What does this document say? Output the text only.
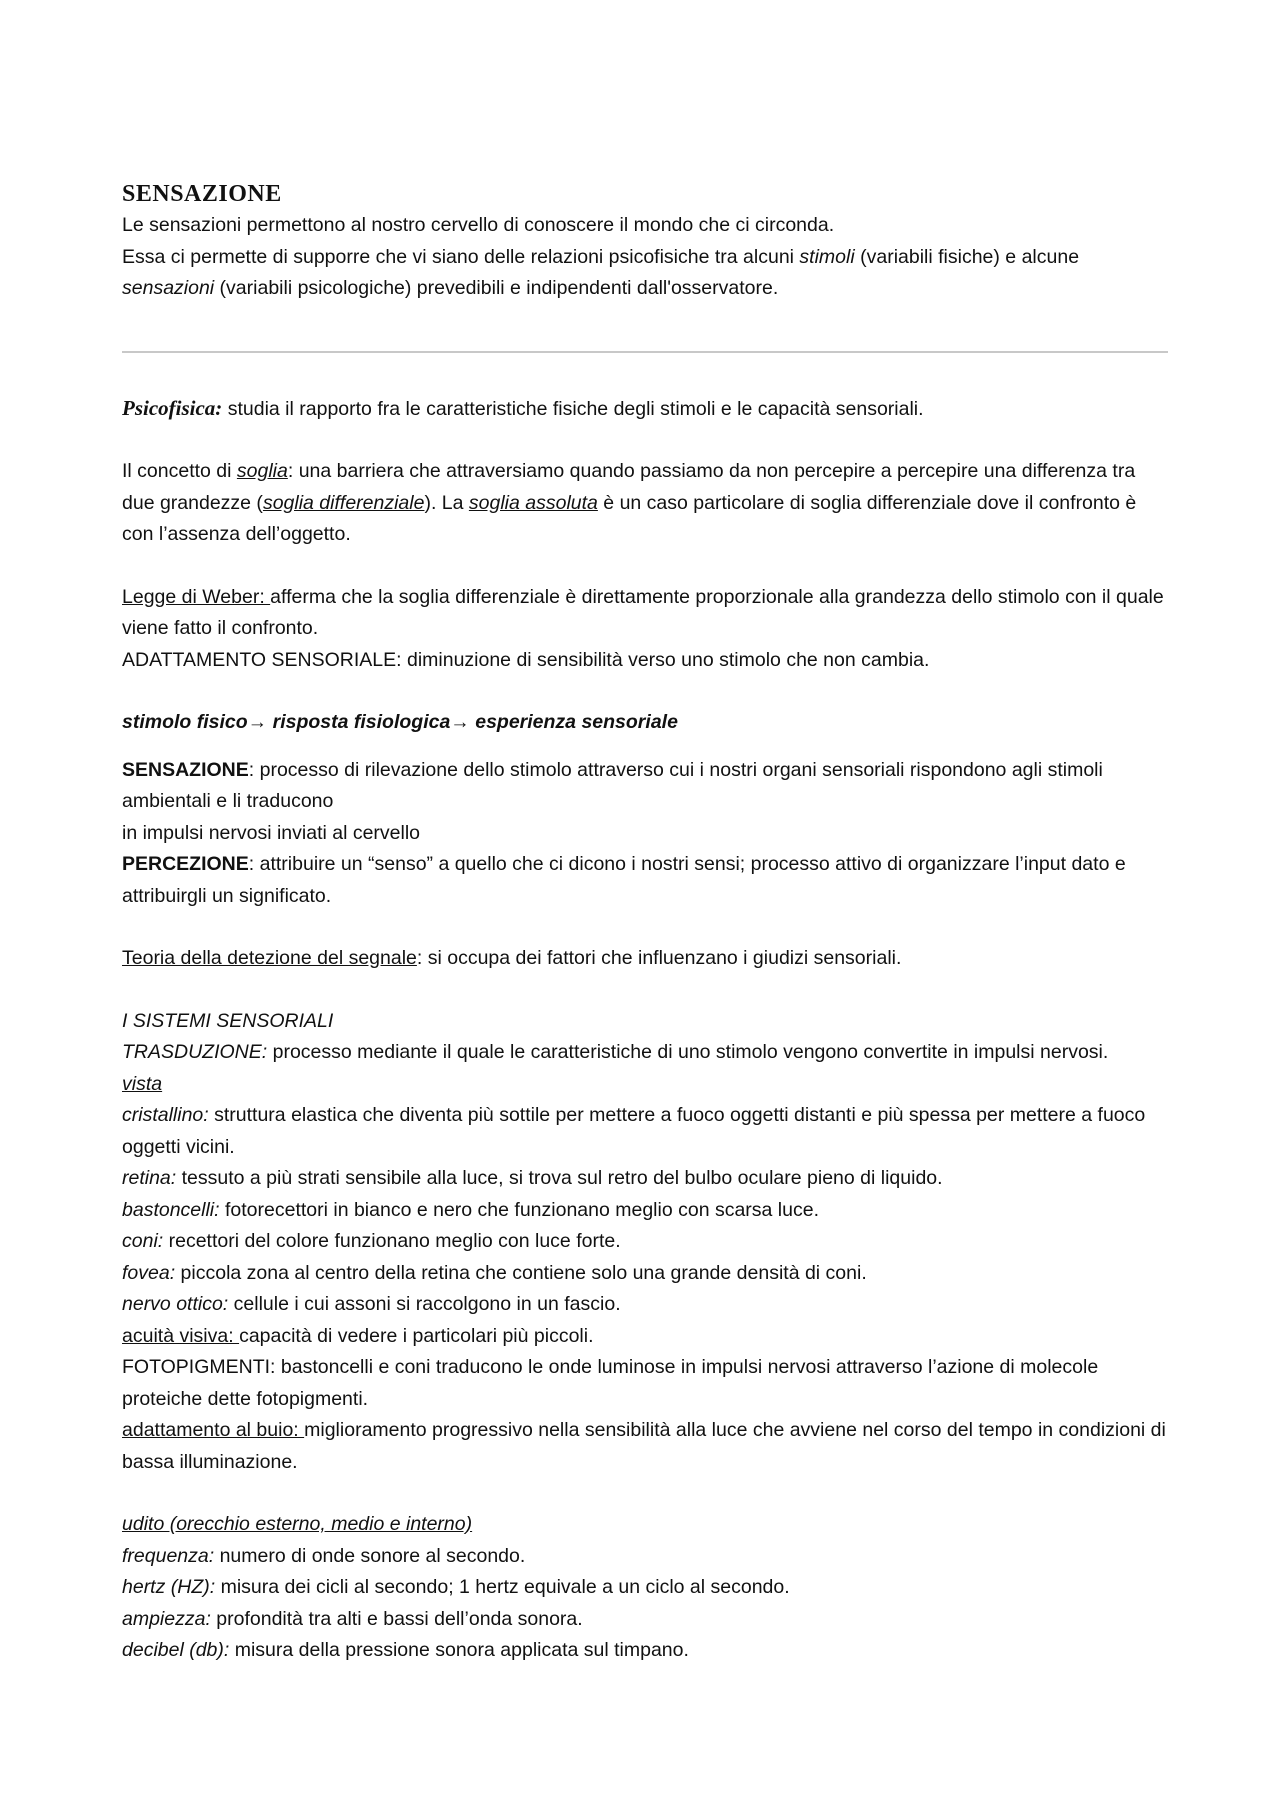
SENSAZIONE

Le sensazioni permettono al nostro cervello di conoscere il mondo che ci circonda.

Essa ci permette di supporre che vi siano delle relazioni psicofisiche tra alcuni stimoli (variabili fisiche) e alcune sensazioni (variabili psicologiche) prevedibili e indipendenti dall'osservatore.

Psicofisica: studia il rapporto fra le caratteristiche fisiche degli stimoli e le capacità sensoriali.

Il concetto di soglia: una barriera che attraversiamo quando passiamo da non percepire a percepire una differenza tra due grandezze (soglia differenziale). La soglia assoluta è un caso particolare di soglia differenziale dove il confronto è con l’assenza dell’oggetto.

Legge di Weber: afferma che la soglia differenziale è direttamente proporzionale alla grandezza dello stimolo con il quale viene fatto il confronto.

ADATTAMENTO SENSORIALE: diminuzione di sensibilità verso uno stimolo che non cambia.

stimolo fisico→ risposta fisiologica→ esperienza sensoriale

SENSAZIONE: processo di rilevazione dello stimolo attraverso cui i nostri organi sensoriali rispondono agli stimoli ambientali e li traducono

in impulsi nervosi inviati al cervello

PERCEZIONE: attribuire un “senso” a quello che ci dicono i nostri sensi; processo attivo di organizzare l’input dato e attribuirgli un significato.

Teoria della detezione del segnale: si occupa dei fattori che influenzano i giudizi sensoriali.

I SISTEMI SENSORIALI

TRASDUZIONE: processo mediante il quale le caratteristiche di uno stimolo vengono convertite in impulsi nervosi.

vista

cristallino: struttura elastica che diventa più sottile per mettere a fuoco oggetti distanti e più spessa per mettere a fuoco oggetti vicini.

retina: tessuto a più strati sensibile alla luce, si trova sul retro del bulbo oculare pieno di liquido.

bastoncelli: fotorecettori in bianco e nero che funzionano meglio con scarsa luce.

coni: recettori del colore funzionano meglio con luce forte.

fovea: piccola zona al centro della retina che contiene solo una grande densità di coni.

nervo ottico: cellule i cui assoni si raccolgono in un fascio.

acuità visiva: capacità di vedere i particolari più piccoli.

FOTOPIGMENTI: bastoncelli e coni traducono le onde luminose in impulsi nervosi attraverso l’azione di molecole proteiche dette fotopigmenti.

adattamento al buio: miglioramento progressivo nella sensibilità alla luce che avviene nel corso del tempo in condizioni di bassa illuminazione.

udito (orecchio esterno, medio e interno)

frequenza: numero di onde sonore al secondo.

hertz (HZ): misura dei cicli al secondo; 1 hertz equivale a un ciclo al secondo.

ampiezza: profondità tra alti e bassi dell’onda sonora.

decibel (db): misura della pressione sonora applicata sul timpano.
